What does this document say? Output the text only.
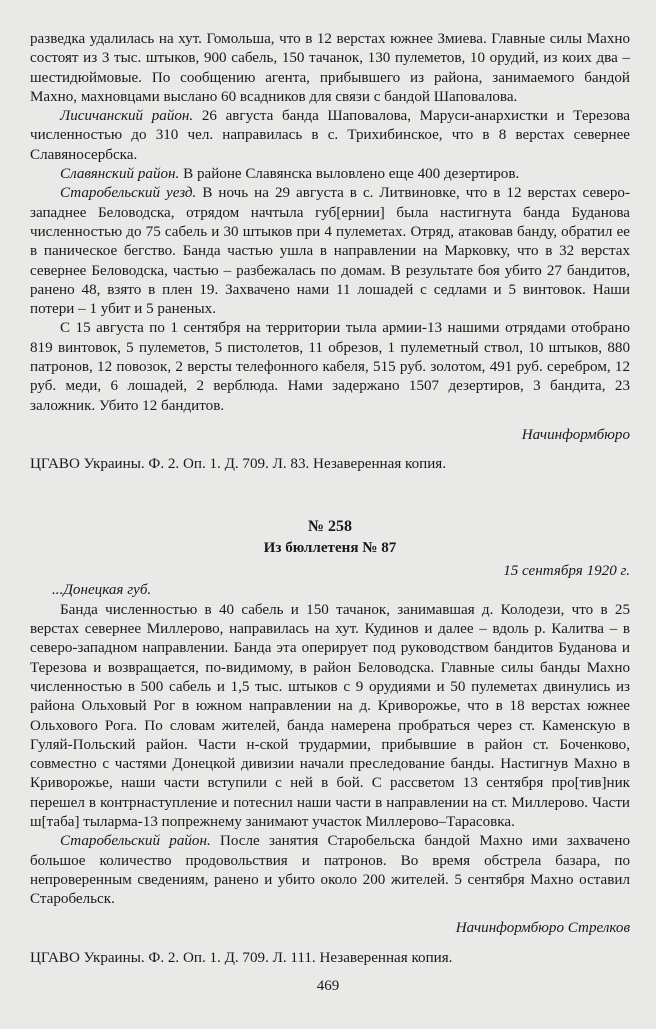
разведка удалилась на хут. Гомольша, что в 12 верстах южнее Змиева. Главные силы Махно состоят из 3 тыс. штыков, 900 сабель, 150 тачанок, 130 пулеметов, 10 орудий, из коих два – шестидюймовые. По сообщению агента, прибывшего из района, занимаемого бандой Махно, махновцами выслано 60 всадников для связи с бандой Шаповалова.

Лисичанский район. 26 августа банда Шаповалова, Маруси-анархистки и Терезова численностью до 310 чел. направилась в с. Трихибинское, что в 8 верстах севернее Славяносербска.

Славянский район. В районе Славянска выловлено еще 400 дезертиров.

Старобельский уезд. В ночь на 29 августа в с. Литвиновке, что в 12 верстах северо-западнее Беловодска, отрядом начтыла губ[ернии] была настигнута банда Буданова численностью до 75 сабель и 30 штыков при 4 пулеметах. Отряд, атаковав банду, обратил ее в паническое бегство. Банда частью ушла в направлении на Марковку, что в 32 верстах севернее Беловодска, частью – разбежалась по домам. В результате боя убито 27 бандитов, ранено 48, взято в плен 19. Захвачено нами 11 лошадей с седлами и 5 винтовок. Наши потери – 1 убит и 5 раненых.

С 15 августа по 1 сентября на территории тыла армии-13 нашими отрядами отобрано 819 винтовок, 5 пулеметов, 5 пистолетов, 11 обрезов, 1 пулеметный ствол, 10 штыков, 880 патронов, 12 повозок, 2 версты телефонного кабеля, 515 руб. золотом, 491 руб. серебром, 12 руб. меди, 6 лошадей, 2 верблюда. Нами задержано 1507 дезертиров, 3 бандита, 23 заложник. Убито 12 бандитов.

Начинформбюро

ЦГАВО Украины. Ф. 2. Оп. 1. Д. 709. Л. 83. Незаверенная копия.

№ 258

Из бюллетеня № 87

15 сентября 1920 г.

...Донецкая губ.

Банда численностью в 40 сабель и 150 тачанок, занимавшая д. Колодези, что в 25 верстах севернее Миллерово, направилась на хут. Кудинов и далее – вдоль р. Калитва – в северо-западном направлении. Банда эта оперирует под руководством бандитов Буданова и Терезова и возвращается, по-видимому, в район Беловодска. Главные силы банды Махно численностью в 500 сабель и 1,5 тыс. штыков с 9 орудиями и 50 пулеметах двинулись из района Ольховый Рог в южном направлении на д. Криворожье, что в 18 верстах южнее Ольхового Рога. По словам жителей, банда намерена пробраться через ст. Каменскую в Гуляй-Польский район. Части н-ской трудармии, прибывшие в район ст. Боченково, совместно с частями Донецкой дивизии начали преследование банды. Настигнув Махно в Криворожье, наши части вступили с ней в бой. С рассветом 13 сентября про[тив]ник перешел в контрнаступление и потеснил наши части в направлении на ст. Миллерово. Части ш[таба] тыларма-13 попрежнему занимают участок Миллерово–Тарасовка.

Старобельский район. После занятия Старобельска бандой Махно ими захвачено большое количество продовольствия и патронов. Во время обстрела базара, по непроверенным сведениям, ранено и убито около 200 жителей. 5 сентября Махно оставил Старобельск.

Начинформбюро Стрелков

ЦГАВО Украины. Ф. 2. Оп. 1. Д. 709. Л. 111. Незаверенная копия.

469
